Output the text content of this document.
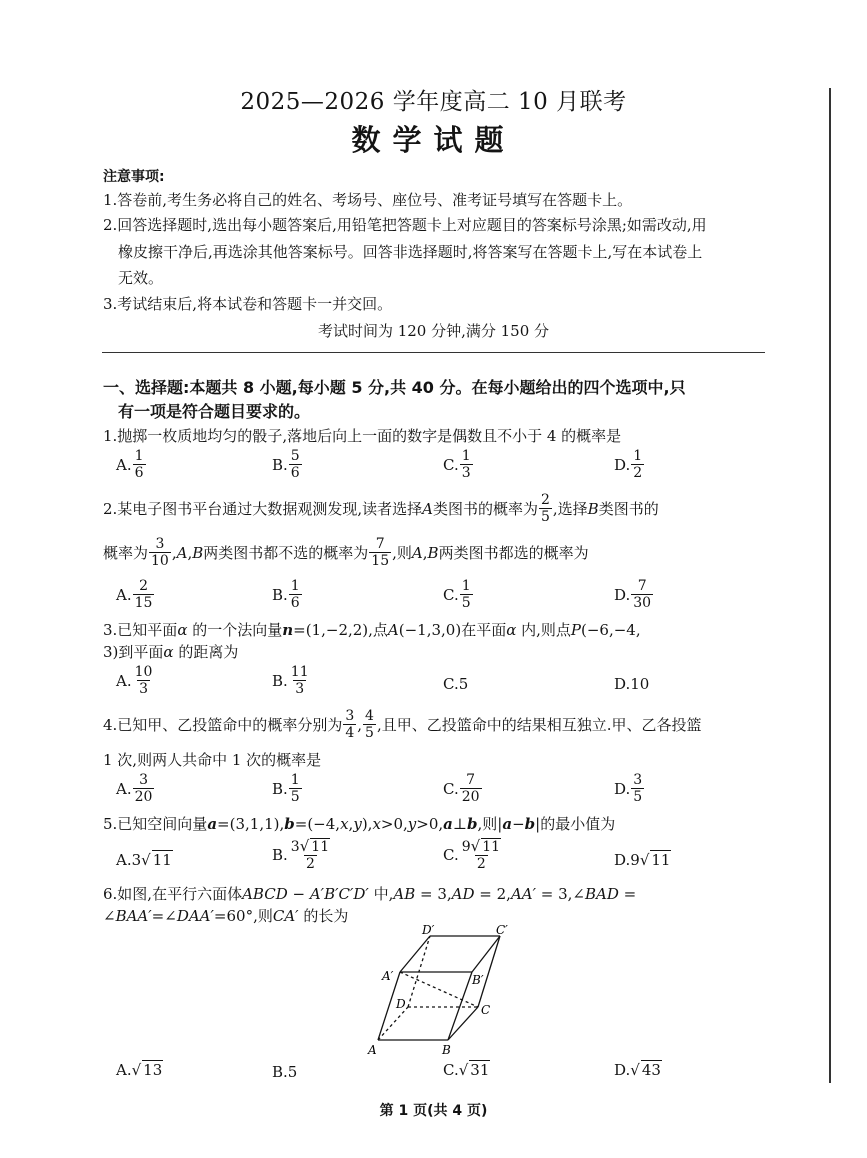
2025—2026 学年度高二 10 月联考
数学试题
注意事项:
1.答卷前,考生务必将自己的姓名、考场号、座位号、准考证号填写在答题卡上。
2.回答选择题时,选出每小题答案后,用铅笔把答题卡上对应题目的答案标号涂黑;如需改动,用
橡皮擦干净后,再选涂其他答案标号。回答非选择题时,将答案写在答题卡上,写在本试卷上
无效。
3.考试结束后,将本试卷和答题卡一并交回。
考试时间为 120 分钟,满分 150 分
一、选择题:本题共 8 小题,每小题 5 分,共 40 分。在每小题给出的四个选项中,只
有一项是符合题目要求的。
1.抛掷一枚质地均匀的骰子,落地后向上一面的数字是偶数且不小于 4 的概率是
A. $\frac{1}{6}$	B. $\frac{5}{6}$	C. $\frac{1}{3}$	D. $\frac{1}{2}$
2.某电子图书平台通过大数据观测发现,读者选择 A 类图书的概率为 $\frac{2}{5}$ ,选择 B 类图书的
概率为 $\frac{3}{10}$ , A , B 两类图书都不选的概率为 $\frac{7}{15}$ ,则 A , B 两类图书都选的概率为
A. $\frac{2}{15}$	B. $\frac{1}{6}$	C. $\frac{1}{5}$	D. $\frac{7}{30}$
3.已知平面α 的一个法向量n=(1,−2,2),点A(−1,3,0)在平面α 内,则点P(−6,−4,
3)到平面α 的距离为
A. $\frac{10}{3}$	B. $\frac{11}{3}$	C.5	D.10
4.已知甲、乙投篮命中的概率分别为 $\frac{3}{4}$ , $\frac{4}{5}$ ,且甲、乙投篮命中的结果相互独立.甲、乙各投篮
1 次,则两人共命中 1 次的概率是
A. $\frac{3}{20}$	B. $\frac{1}{5}$	C. $\frac{7}{20}$	D. $\frac{3}{5}$
5.已知空间向量a=(3,1,1),b=(−4,x,y),x>0,y>0,a⊥b,则|a−b|的最小值为
A.3 √ 11	B. $\frac{3√ 11}{2}$	C. $\frac{9√ 11}{2}$	D.9 √ 11
6.如图,在平行六面体ABCD − A′B′C′D′ 中,AB = 3,AD = 2,AA′ = 3,∠BAD =
∠BAA′=∠DAA′=60°,则CA′ 的长为
A	B
C
D
A′	B′
C′
D′
A. √ 13	B.5	C. √ 31	D. √ 43
第 1 页(共 4 页)
